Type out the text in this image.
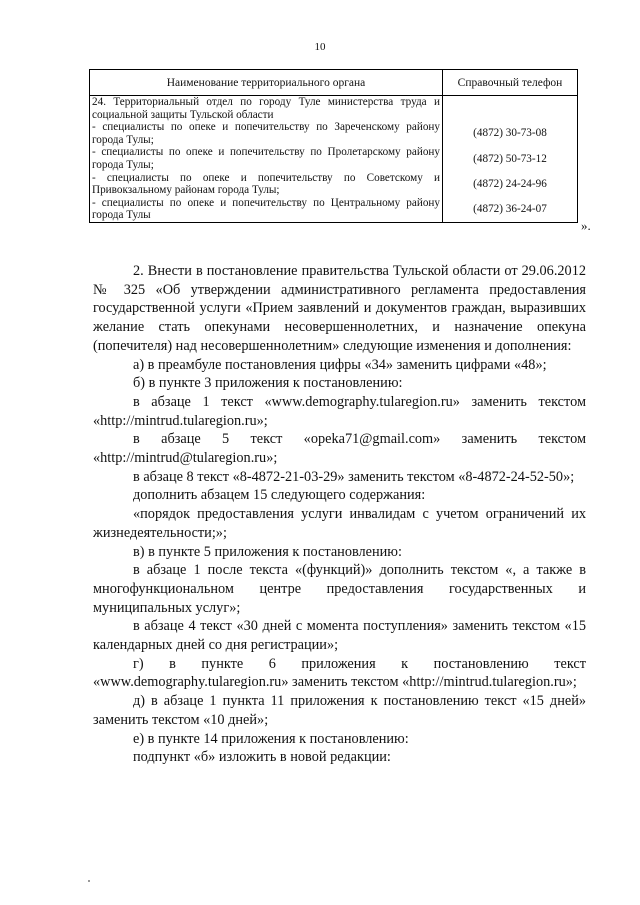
10
Наименование территориального органа	Справочный телефон
24. Территориальный отдел по городу Туле министерства труда и социальной защиты Тульской области	
- специалисты по опеке и попечительству по Зареченскому району города Тулы;	(4872) 30-73-08
- специалисты по опеке и попечительству по Пролетарскому району города Тулы;	(4872) 50-73-12
- специалисты по опеке и попечительству по Советскому и Привокзальному районам города Тулы;	(4872) 24-24-96
- специалисты по опеке и попечительству по Центральному району города Тулы	(4872) 36-24-07
».

2. Внести в постановление правительства Тульской области от 29.06.2012 № 325 «Об утверждении административного регламента предоставления государственной услуги «Прием заявлений и документов граждан, выразивших желание стать опекунами несовершеннолетних, и назначение опекуна (попечителя) над несовершеннолетним» следующие изменения и дополнения:

а) в преамбуле постановления цифры «34» заменить цифрами «48»;

б) в пункте 3 приложения к постановлению:

в абзаце 1 текст «www.demography.tularegion.ru» заменить текстом «http://mintrud.tularegion.ru»;

в абзаце 5 текст «opeka71@gmail.com» заменить текстом «http://mintrud@tularegion.ru»;

в абзаце 8 текст «8-4872-21-03-29» заменить текстом «8-4872-24-52-50»;

дополнить абзацем 15 следующего содержания:

«порядок предоставления услуги инвалидам с учетом ограничений их жизнедеятельности;»;

в) в пункте 5 приложения к постановлению:

в абзаце 1 после текста «(функций)» дополнить текстом «, а также в многофункциональном центре предоставления государственных и муниципальных услуг»;

в абзаце 4 текст «30 дней с момента поступления» заменить текстом «15 календарных дней со дня регистрации»;

г) в пункте 6 приложения к постановлению текст «www.demography.tularegion.ru» заменить текстом «http://mintrud.tularegion.ru»;

д) в абзаце 1 пункта 11 приложения к постановлению текст «15 дней» заменить текстом «10 дней»;

е) в пункте 14 приложения к постановлению:

подпункт «б» изложить в новой редакции:
